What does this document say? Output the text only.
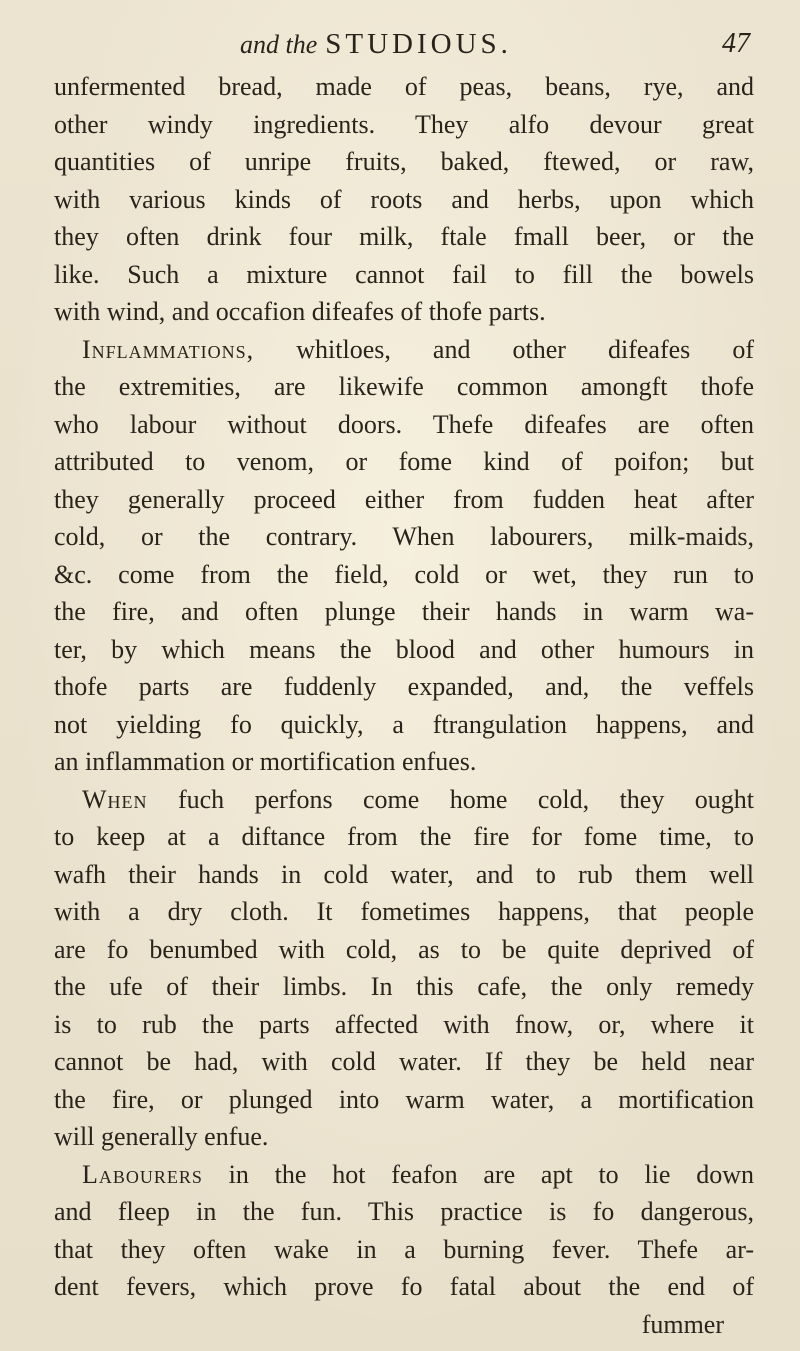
and the STUDIOUS.	47
unfermented bread, made of peas, beans, rye, and
other windy ingredients. They alfo devour great
quantities of unripe fruits, baked, ftewed, or raw,
with various kinds of roots and herbs, upon which
they often drink four milk, ftale fmall beer, or the
like. Such a mixture cannot fail to fill the bowels
with wind, and occafion difeafes of thofe parts.
Inflammations, whitloes, and other difeafes of
the extremities, are likewife common amongft thofe
who labour without doors. Thefe difeafes are often
attributed to venom, or fome kind of poifon; but
they generally proceed either from fudden heat after
cold, or the contrary. When labourers, milk-maids,
&c. come from the field, cold or wet, they run to
the fire, and often plunge their hands in warm wa-
ter, by which means the blood and other humours in
thofe parts are fuddenly expanded, and, the veffels
not yielding fo quickly, a ftrangulation happens, and
an inflammation or mortification enfues.
When fuch perfons come home cold, they ought
to keep at a diftance from the fire for fome time, to
wafh their hands in cold water, and to rub them well
with a dry cloth. It fometimes happens, that people
are fo benumbed with cold, as to be quite deprived of
the ufe of their limbs. In this cafe, the only remedy
is to rub the parts affected with fnow, or, where it
cannot be had, with cold water. If they be held near
the fire, or plunged into warm water, a mortification
will generally enfue.
Labourers in the hot feafon are apt to lie down
and fleep in the fun. This practice is fo dangerous,
that they often wake in a burning fever. Thefe ar-
dent fevers, which prove fo fatal about the end of
fummer
